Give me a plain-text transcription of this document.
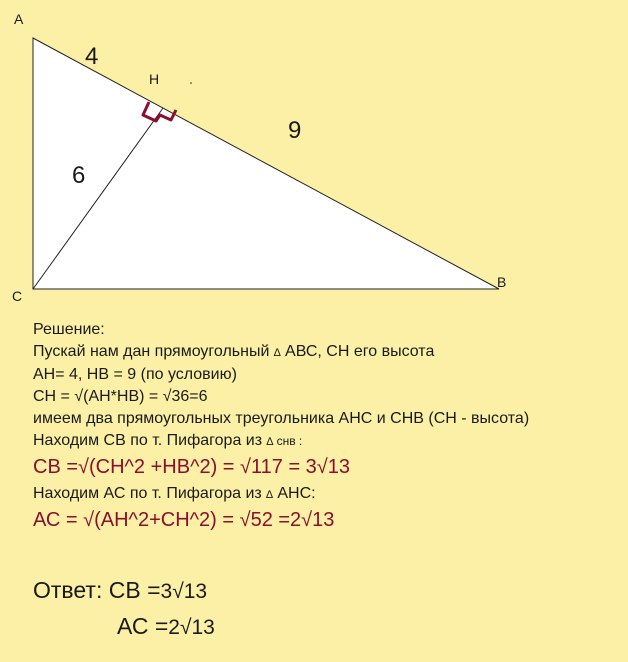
A
H
B
C
4
9
6

Решение:

Пускай нам дан прямоугольный ∆ АВС, СН его высота

АН= 4, НВ = 9 (по условию)

СН = √(АН*НВ) = √36=6

имеем два прямоугольных треугольника АНС и СНВ (СН - высота)

Находим СВ по т. Пифагора из ∆ снв :

СВ =√(СН^2 +НВ^2) = √117 = 3√13

Находим АС по т. Пифагора из ∆ АНС:

АС = √(АН^2+СН^2) = √52 =2√13

Ответ: СВ =3√13
АС =2√13
